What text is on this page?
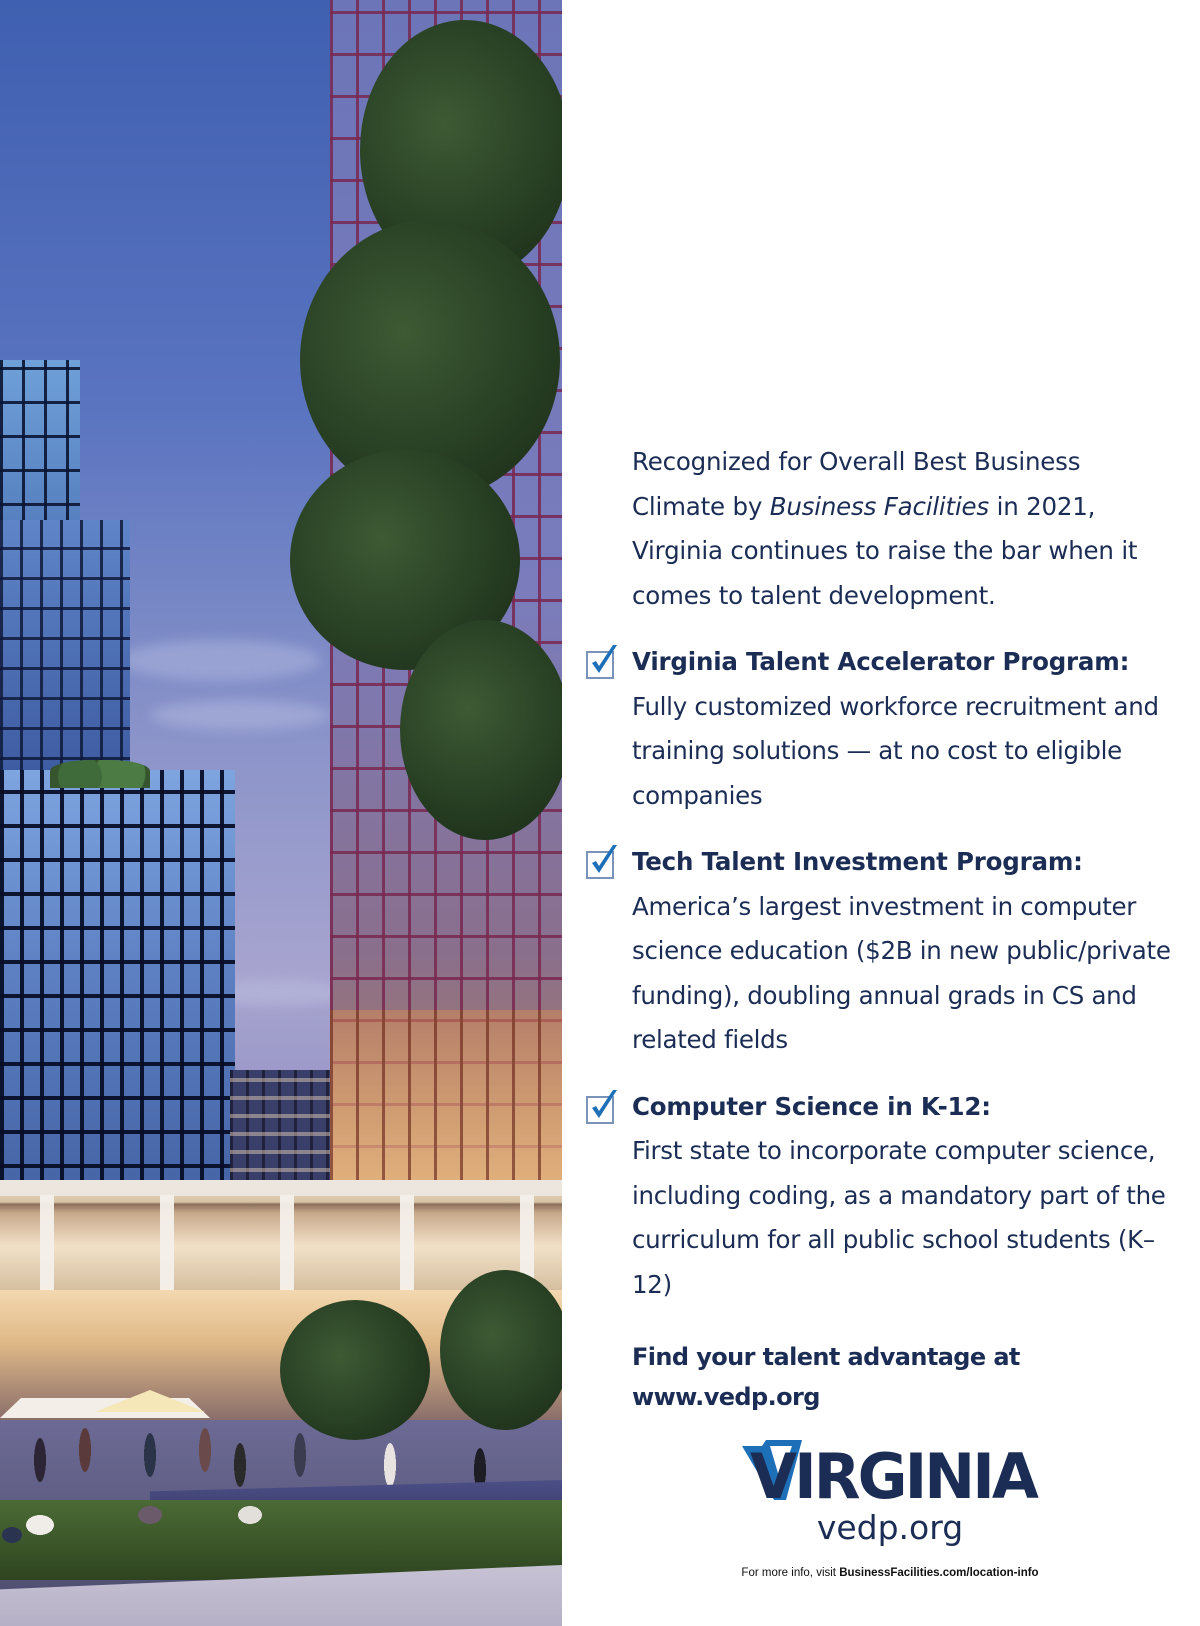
Recognized for Overall Best Business Climate by Business Facilities in 2021, Virginia continues to raise the bar when it comes to talent development.

Virginia Talent Accelerator Program:

Fully customized workforce recruitment and training solutions — at no cost to eligible companies

Tech Talent Investment Program:

America’s largest investment in computer science education ($2B in new public/private funding), doubling annual grads in CS and related fields

Computer Science in K-12:

First state to incorporate computer science, including coding, as a mandatory part of the curriculum for all public school students (K–12)

Find your talent advantage at www.vedp.org
VIRGINIA
vedp.org
For more info, visit BusinessFacilities.com/location-info
